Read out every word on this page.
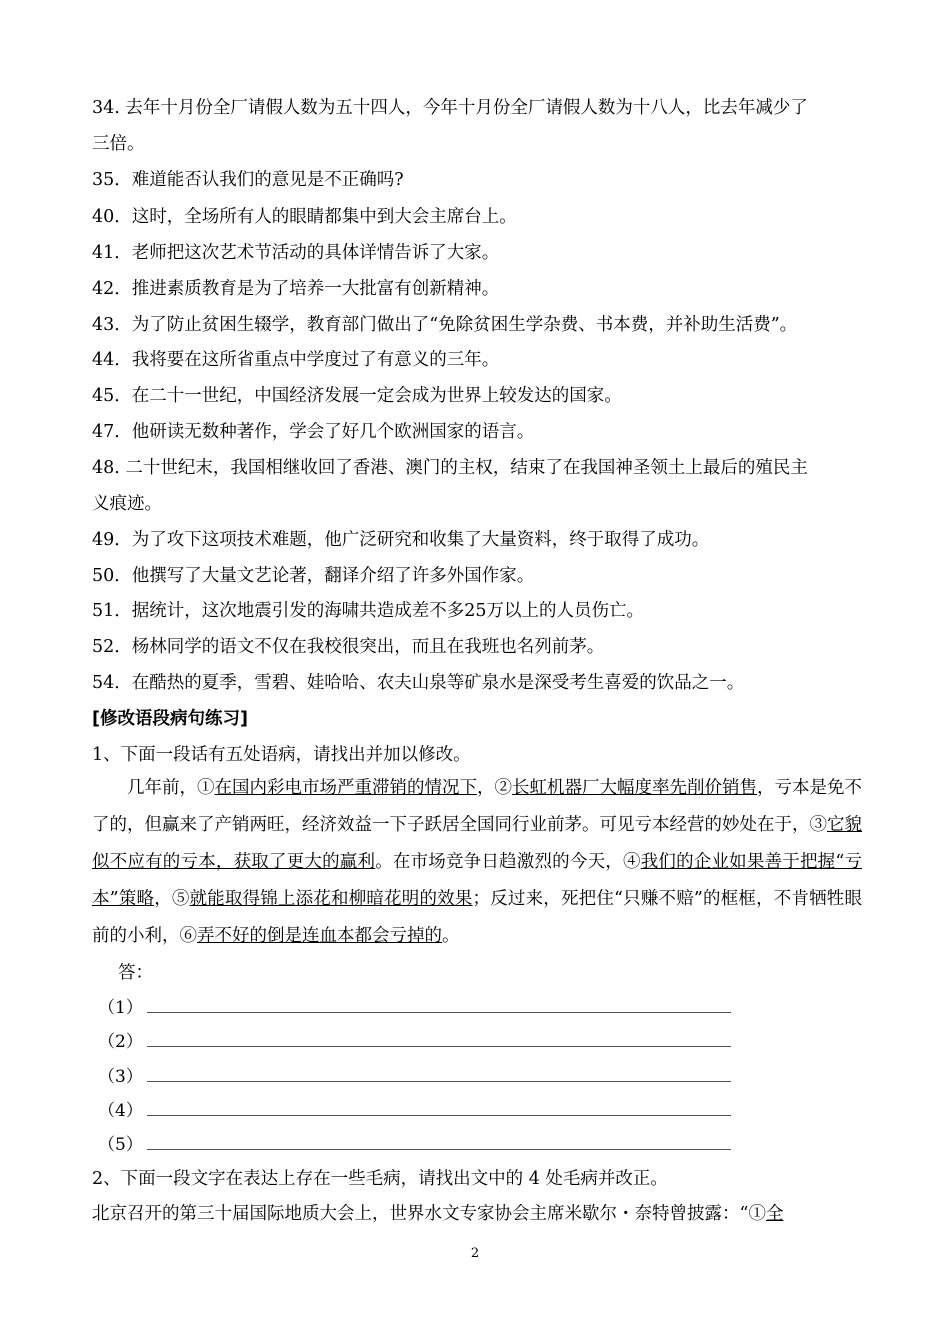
34. 去年十月份全厂请假人数为五十四人，今年十月份全厂请假人数为十八人，比去年减少了
三倍。
35．难道能否认我们的意见是不正确吗?
40．这时，全场所有人的眼睛都集中到大会主席台上。
41．老师把这次艺术节活动的具体详情告诉了大家。
42．推进素质教育是为了培养一大批富有创新精神。
43．为了防止贫困生辍学，教育部门做出了“免除贫困生学杂费、书本费，并补助生活费”。
44．我将要在这所省重点中学度过了有意义的三年。
45．在二十一世纪，中国经济发展一定会成为世界上较发达的国家。
47．他研读无数种著作，学会了好几个欧洲国家的语言。
48. 二十世纪末，我国相继收回了香港、澳门的主权，结束了在我国神圣领土上最后的殖民主
义痕迹。
49．为了攻下这项技术难题，他广泛研究和收集了大量资料，终于取得了成功。
50．他撰写了大量文艺论著，翻译介绍了许多外国作家。
51．据统计，这次地震引发的海啸共造成差不多25万以上的人员伤亡。
52．杨林同学的语文不仅在我校很突出，而且在我班也名列前茅。
54．在酷热的夏季，雪碧、娃哈哈、农夫山泉等矿泉水是深受考生喜爱的饮品之一。
[修改语段病句练习]
1、下面一段话有五处语病，请找出并加以修改。
几年前，①在国内彩电市场严重滞销的情况下，②长虹机器厂大幅度率先削价销售，亏本是免不了的，但赢来了产销两旺，经济效益一下子跃居全国同行业前茅。可见亏本经营的妙处在于，③它貌似不应有的亏本，获取了更大的赢利。在市场竞争日趋激烈的今天，④我们的企业如果善于把握“亏本”策略，⑤就能取得锦上添花和柳暗花明的效果；反过来，死把住“只赚不赔”的框框，不肯牺牲眼前的小利，⑥弄不好的倒是连血本都会亏掉的。
答：
（1）
（2）
（3）
（4）
（5）
2、下面一段文字在表达上存在一些毛病，请找出文中的 4 处毛病并改正。
北京召开的第三十届国际地质大会上，世界水文专家协会主席米歇尔・奈特曾披露：“①全
2
